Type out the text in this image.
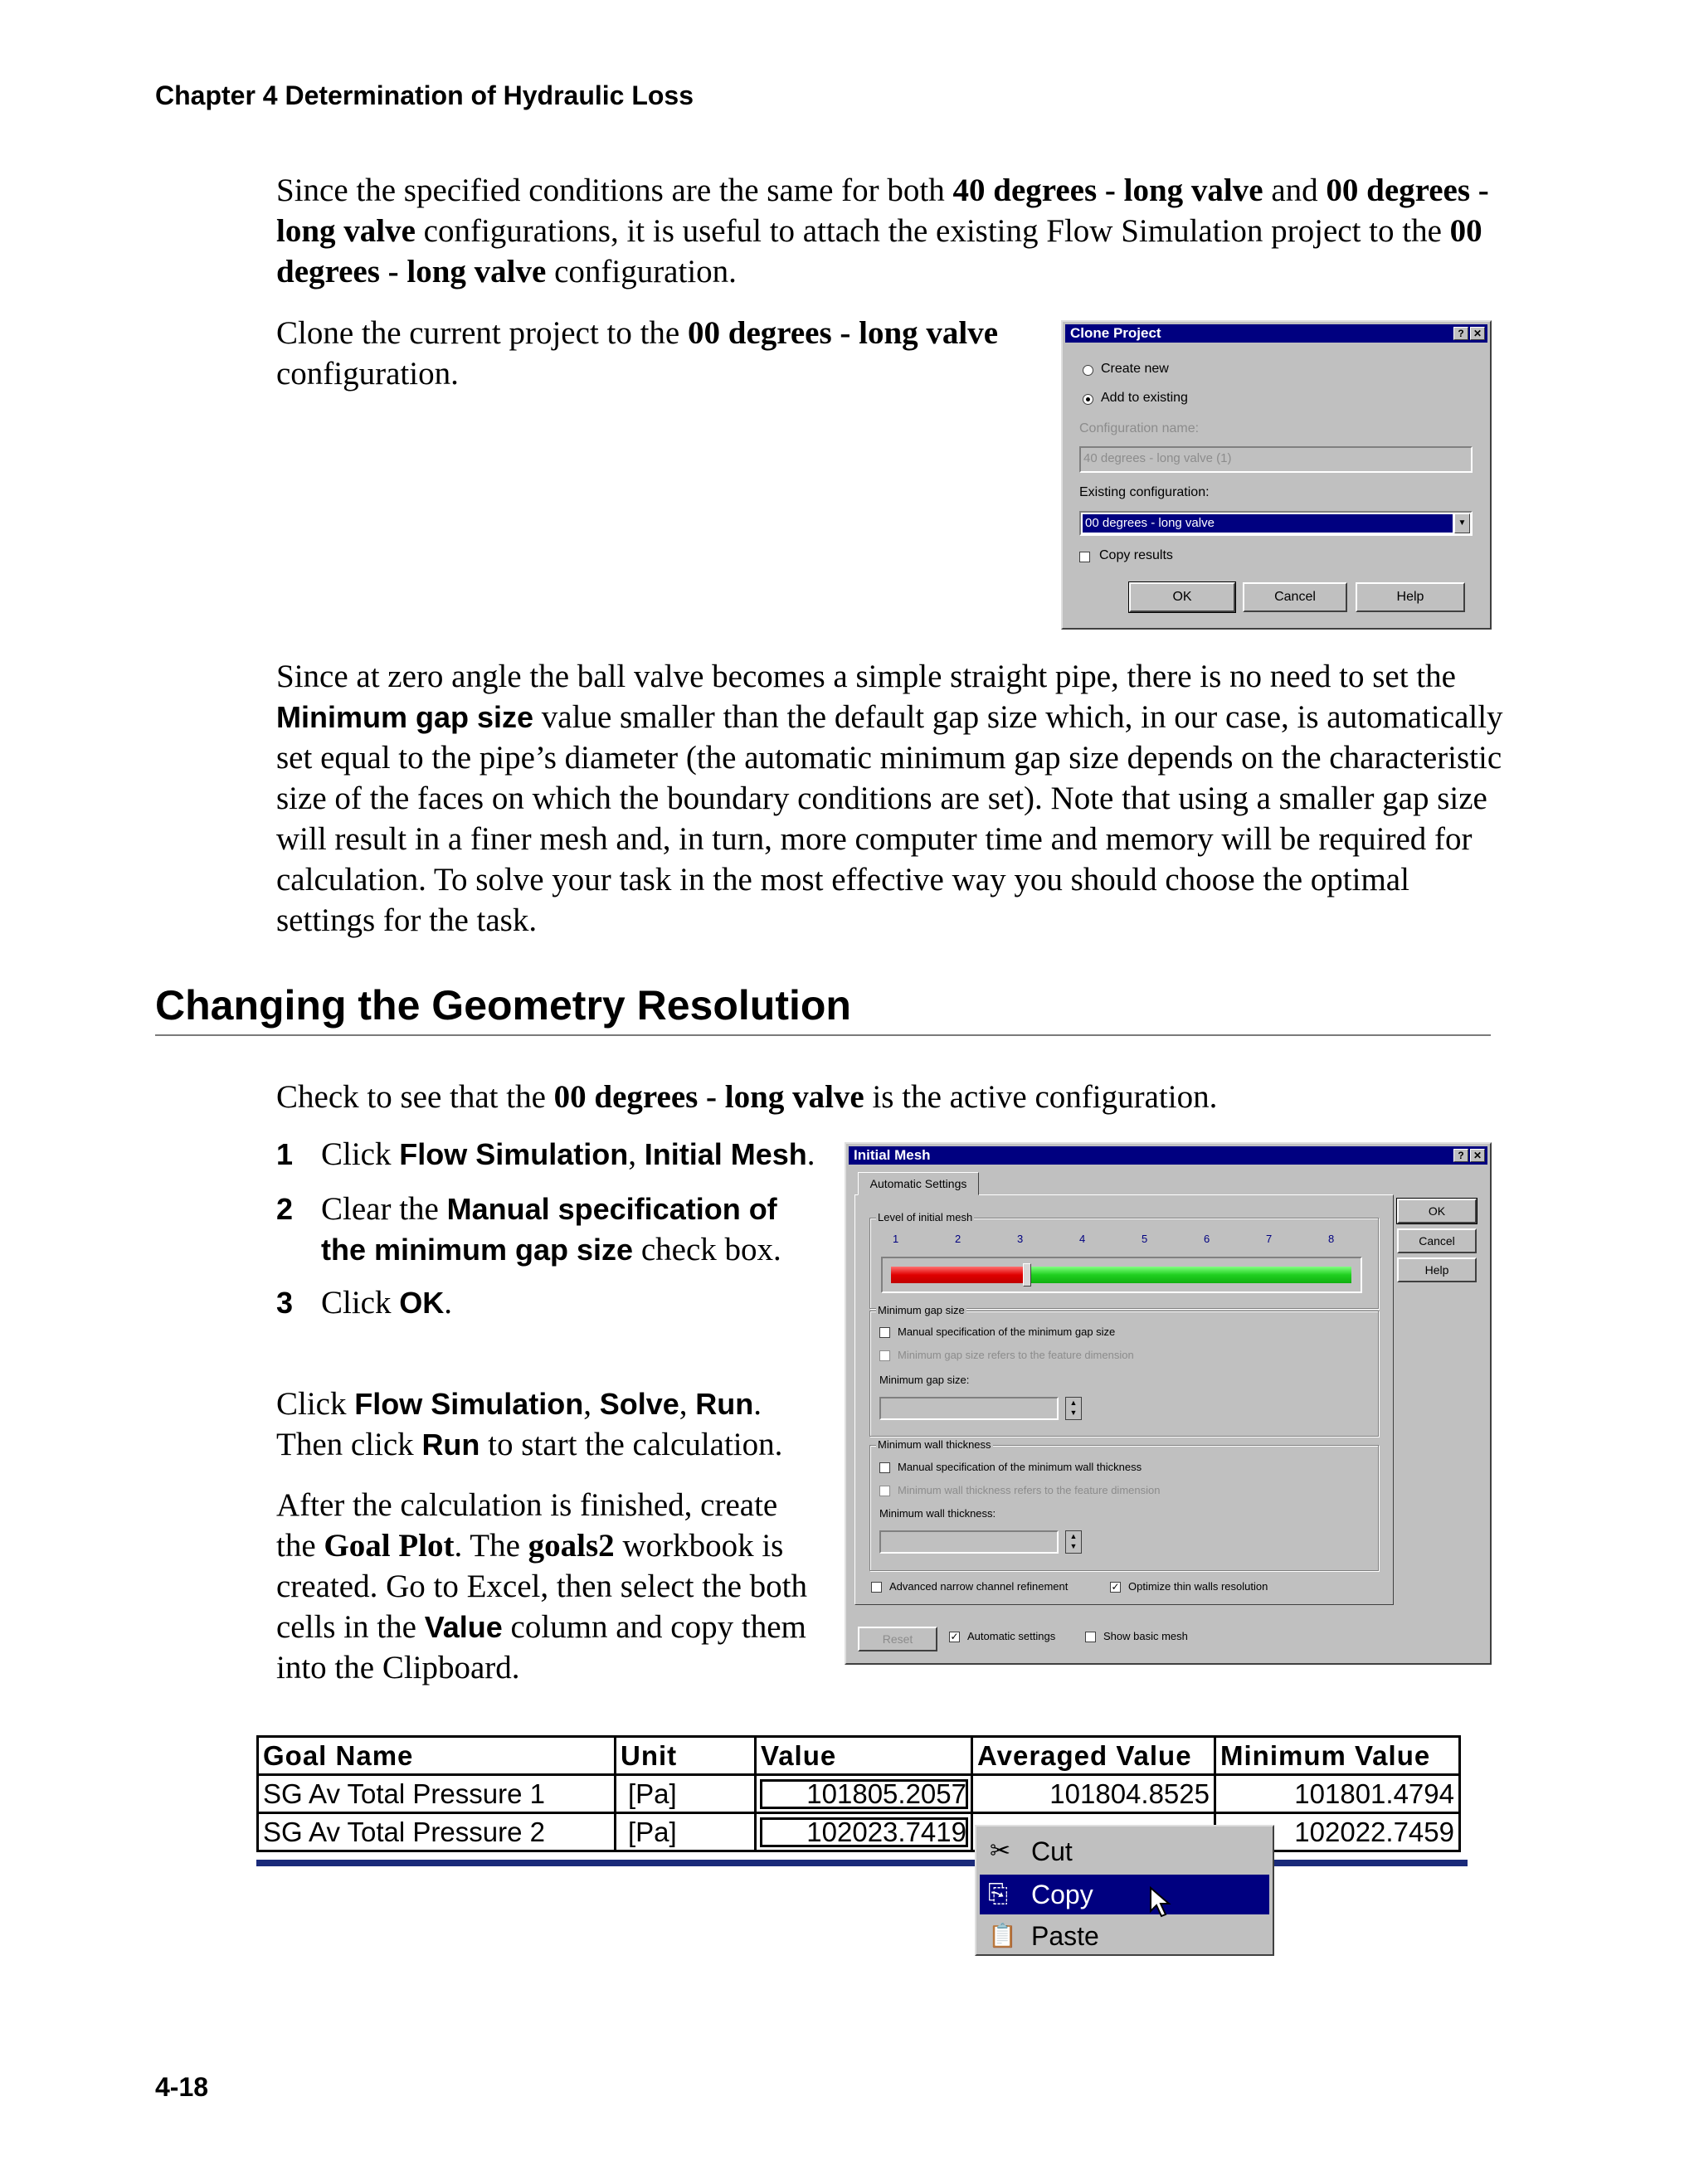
Chapter 4 Determination of Hydraulic Loss
Since the specified conditions are the same for both 40 degrees - long valve and 00 degrees - long valve configurations, it is useful to attach the existing Flow Simulation project to the 00 degrees - long valve configuration.
Clone the current project to the 00 degrees - long valve configuration.
Clone Project	? ✕
Create new
Add to existing
Configuration name:
40 degrees - long valve (1)
Existing configuration:
00 degrees - long valve	▼
Copy results
OK	Cancel	Help
Since at zero angle the ball valve becomes a simple straight pipe, there is no need to set the Minimum gap size value smaller than the default gap size which, in our case, is automatically set equal to the pipe’s diameter (the automatic minimum gap size depends on the characteristic size of the faces on which the boundary conditions are set). Note that using a smaller gap size will result in a finer mesh and, in turn, more computer time and memory will be required for calculation. To solve your task in the most effective way you should choose the optimal settings for the task.
Changing the Geometry Resolution
Check to see that the 00 degrees - long valve is the active configuration.
1 Click Flow Simulation, Initial Mesh.
2 Clear the Manual specification of
the minimum gap size check box.
3 Click OK.
Click Flow Simulation, Solve, Run.
Then click Run to start the calculation.
After the calculation is finished, create
the Goal Plot. The goals2 workbook is
created. Go to Excel, then select the both
cells in the Value column and copy them
into the Clipboard.
Initial Mesh	? ✕
Automatic Settings
Level of initial mesh
1	2	3	4	5	6	7	8
Minimum gap size
Manual specification of the minimum gap size
Minimum gap size refers to the feature dimension
Minimum gap size:
▲
▼
Minimum wall thickness
Manual specification of the minimum wall thickness
Minimum wall thickness refers to the feature dimension
Minimum wall thickness:
▲
▼
Advanced narrow channel refinement	✓ Optimize thin walls resolution
OK
Cancel
Help
Reset	✓ Automatic settings	Show basic mesh
Goal Name	Unit	Value	Averaged Value	Minimum Value
SG Av Total Pressure 1	[Pa]	101805.2057	101804.8525	101801.4794
SG Av Total Pressure 2	[Pa]	102023.7419		102022.7459
✂ Cut
⎘ Copy
📋 Paste
4-18
